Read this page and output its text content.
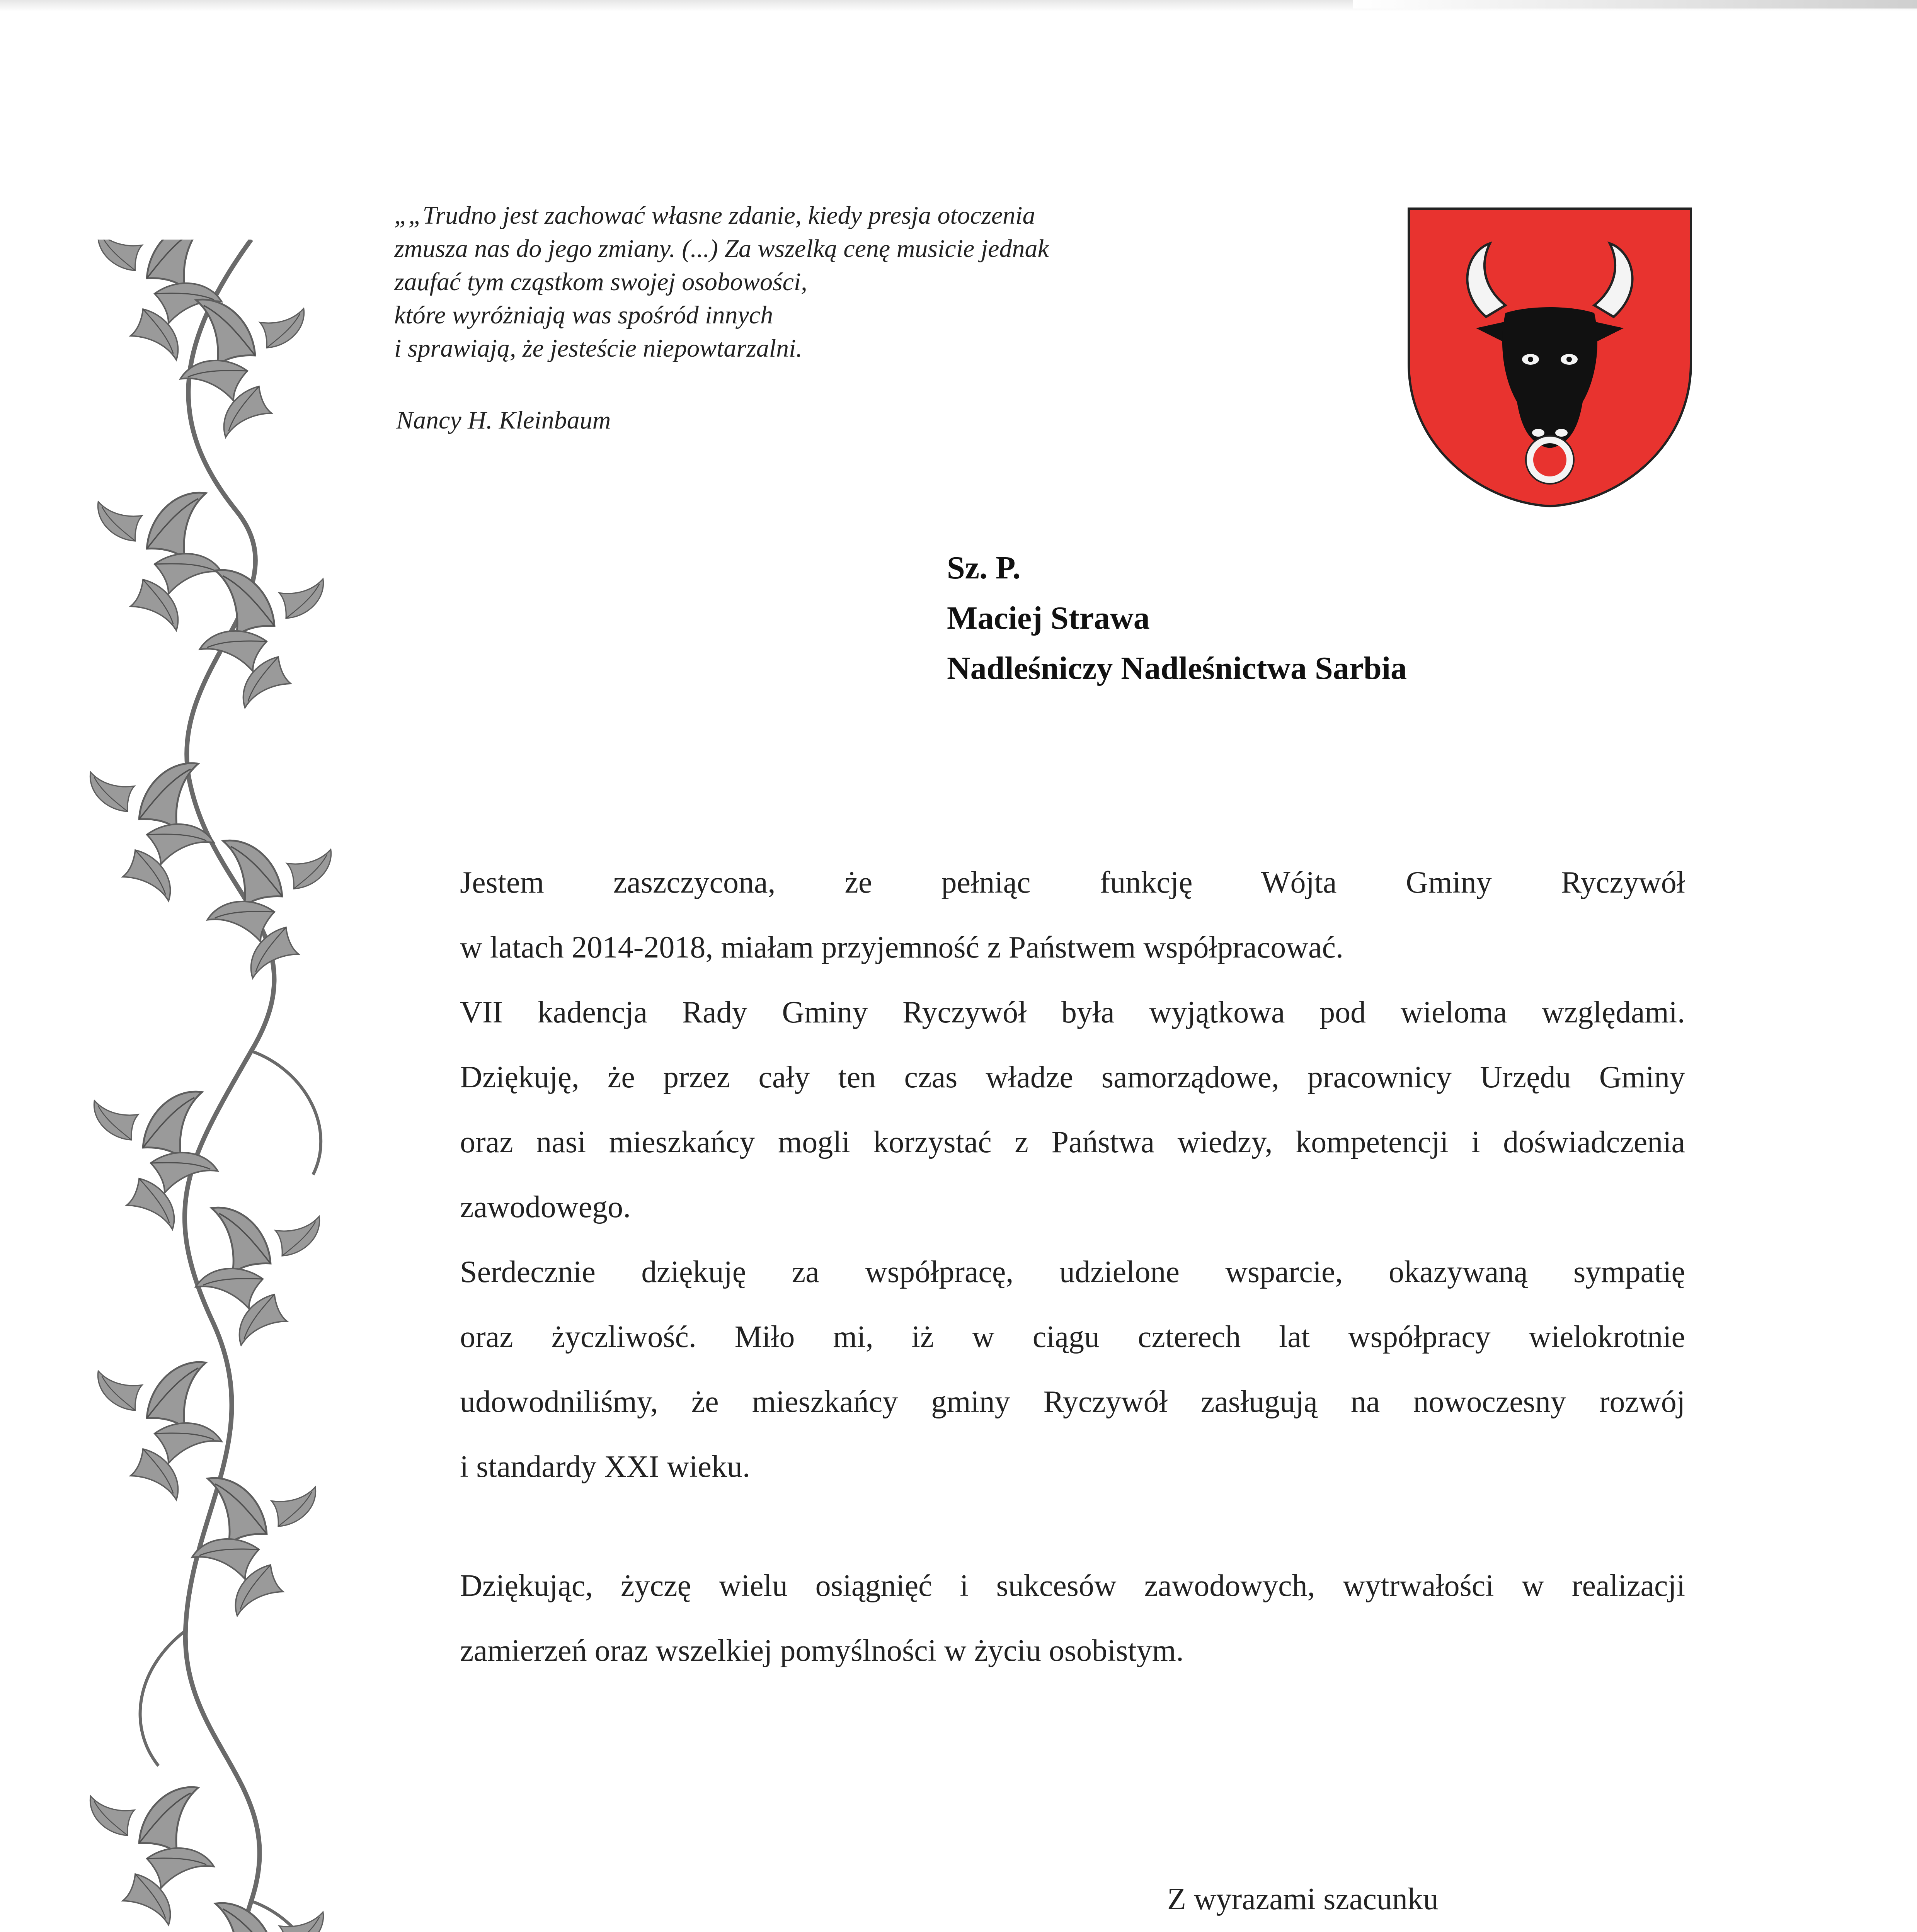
„„Trudno jest zachować własne zdanie, kiedy presja otoczenia
zmusza nas do jego zmiany. (...) Za wszelką cenę musicie jednak
zaufać tym cząstkom swojej osobowości,
które wyróżniają was spośród innych
i sprawiają, że jesteście niepowtarzalni.
Nancy H. Kleinbaum
Sz. P.
Maciej Strawa
Nadleśniczy Nadleśnictwa Sarbia

Jestem zaszczycona, że pełniąc funkcję Wójta Gminy Ryczywół
w latach 2014-2018, miałam przyjemność z Państwem współpracować.

VII kadencja Rady Gminy Ryczywół była wyjątkowa pod wieloma względami.
Dziękuję, że przez cały ten czas władze samorządowe, pracownicy Urzędu Gminy
oraz nasi mieszkańcy mogli korzystać z Państwa wiedzy, kompetencji i doświadczenia
zawodowego.

Serdecznie dziękuję za współpracę, udzielone wsparcie, okazywaną sympatię
oraz życzliwość. Miło mi, iż w ciągu czterech lat współpracy wielokrotnie
udowodniliśmy, że mieszkańcy gminy Ryczywół zasługują na nowoczesny rozwój
i standardy XXI wieku.

Dziękując, życzę wielu osiągnięć i sukcesów zawodowych, wytrwałości w realizacji
zamierzeń oraz wszelkiej pomyślności w życiu osobistym.

Z wyrazami szacunku
